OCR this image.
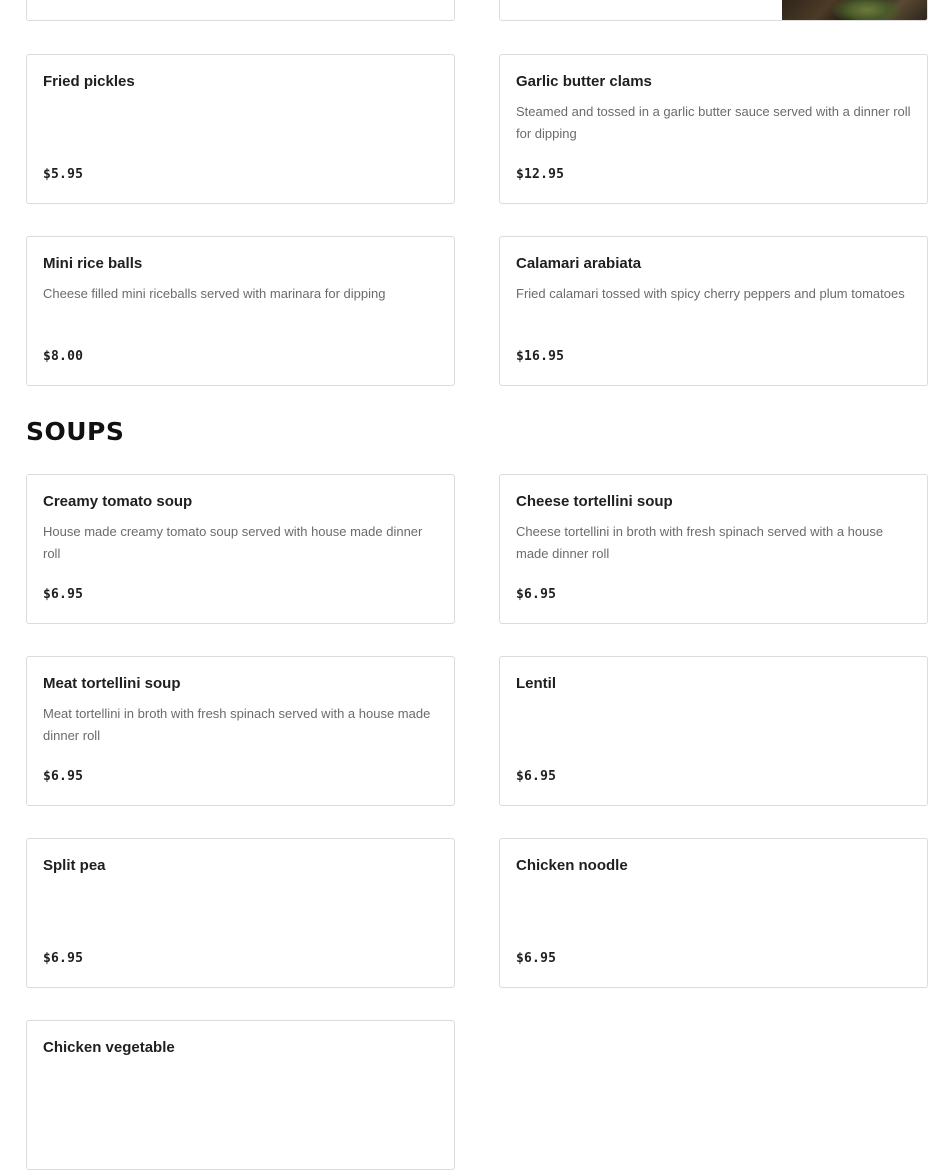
Fried pickles
$5.95
Garlic butter clams
Steamed and tossed in a garlic butter sauce served with a dinner roll for dipping
$12.95
Mini rice balls
Cheese filled mini riceballs served with marinara for dipping
$8.00
Calamari arabiata
Fried calamari tossed with spicy cherry peppers and plum tomatoes
$16.95
SOUPS
Creamy tomato soup
House made creamy tomato soup served with house made dinner roll
$6.95
Cheese tortellini soup
Cheese tortellini in broth with fresh spinach served with a house made dinner roll
$6.95
Meat tortellini soup
Meat tortellini in broth with fresh spinach served with a house made dinner roll
$6.95
Lentil
$6.95
Split pea
$6.95
Chicken noodle
$6.95
Chicken vegetable
